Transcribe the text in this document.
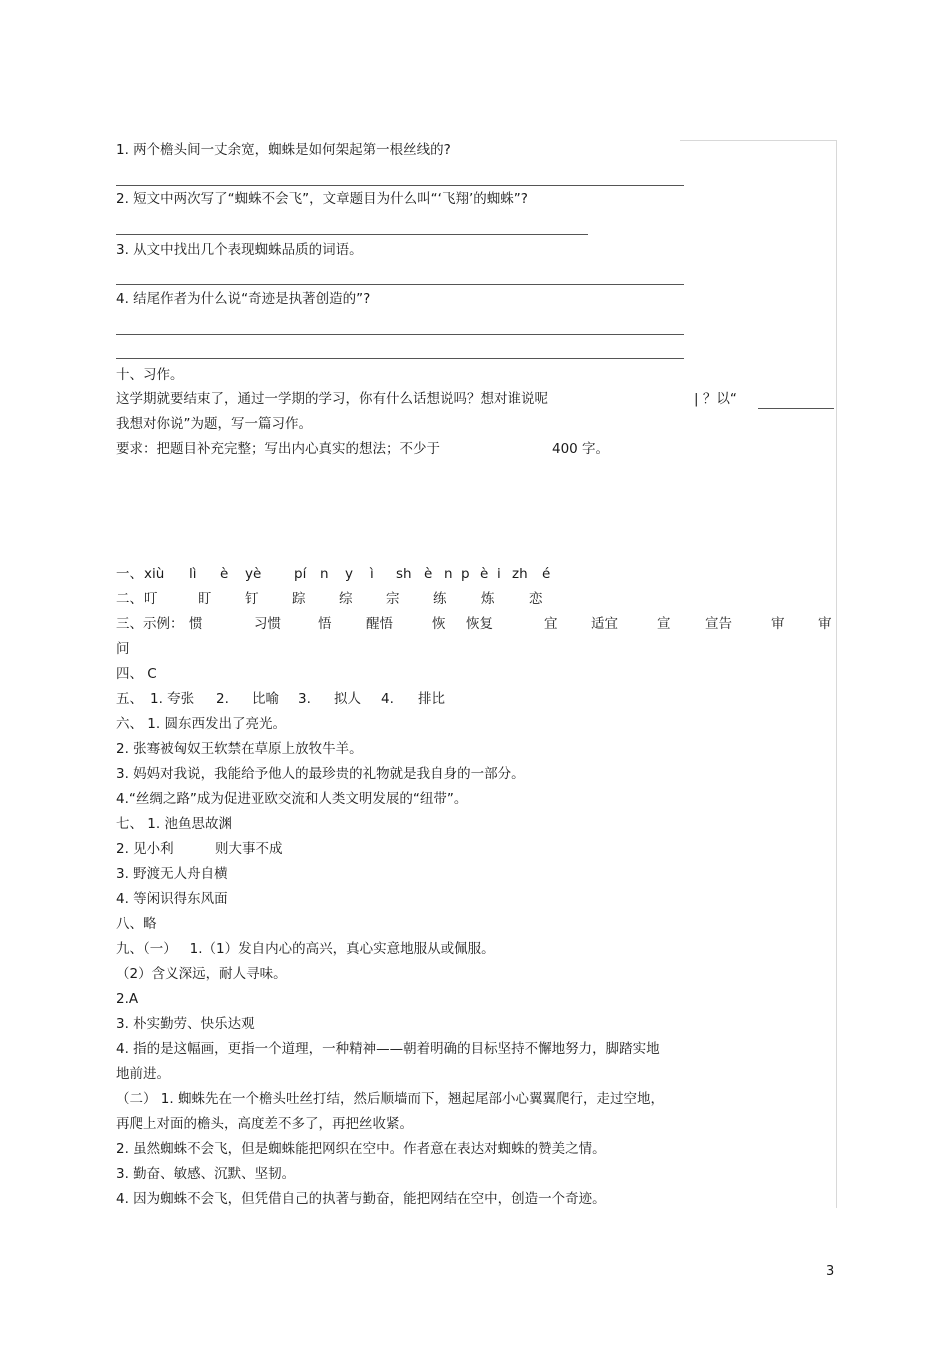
1. 两个檐头间一丈余宽，蜘蛛是如何架起第一根丝线的?
2. 短文中两次写了“蜘蛛不会飞”，文章题目为什么叫“‘飞翔’的蜘蛛”?
3. 从文中找出几个表现蜘蛛品质的词语。
4. 结尾作者为什么说“奇迹是执著创造的”?
十、习作。
这学期就要结束了，通过一学期的学习，你有什么话想说吗？想对谁说呢	| ？以“
我想对你说”为题，写一篇习作。
要求：把题目补充完整；写出内心真实的想法；不少于	400 字。
一、 xiù lì è yè pí n y ì sh è n p è i zh é
二、 叮	盯 钉 踪 综 宗 练	炼	恋
三、示例： 惯	习惯	悟	醒悟	恢 恢复	宜 适宜	宣	宣告	审 审
问
四、 C
五、 1. 夸张 2. 比喻 3. 拟人 4. 排比
六、 1. 圆东西发出了亮光。
2. 张骞被匈奴王软禁在草原上放牧牛羊。
3. 妈妈对我说，我能给予他人的最珍贵的礼物就是我自身的一部分。
4.“丝绸之路”成为促进亚欧交流和人类文明发展的“纽带”。
七、 1. 池鱼思故渊
2. 见小利	则大事不成
3. 野渡无人舟自横
4. 等闲识得东风面
八、略
九、（一）   1.（1）发自内心的高兴，真心实意地服从或佩服。
（2）含义深远，耐人寻味。
2.A
3. 朴实勤劳、快乐达观
4. 指的是这幅画，更指一个道理，一种精神——朝着明确的目标坚持不懈地努力，脚踏实地
地前进。
（二） 1. 蜘蛛先在一个檐头吐丝打结，然后顺墙而下，翘起尾部小心翼翼爬行，走过空地，
再爬上对面的檐头，高度差不多了，再把丝收紧。
2. 虽然蜘蛛不会飞，但是蜘蛛能把网织在空中。作者意在表达对蜘蛛的赞美之情。
3. 勤奋、敏感、沉默、坚韧。
4. 因为蜘蛛不会飞，但凭借自己的执著与勤奋，能把网结在空中，创造一个奇迹。
3
